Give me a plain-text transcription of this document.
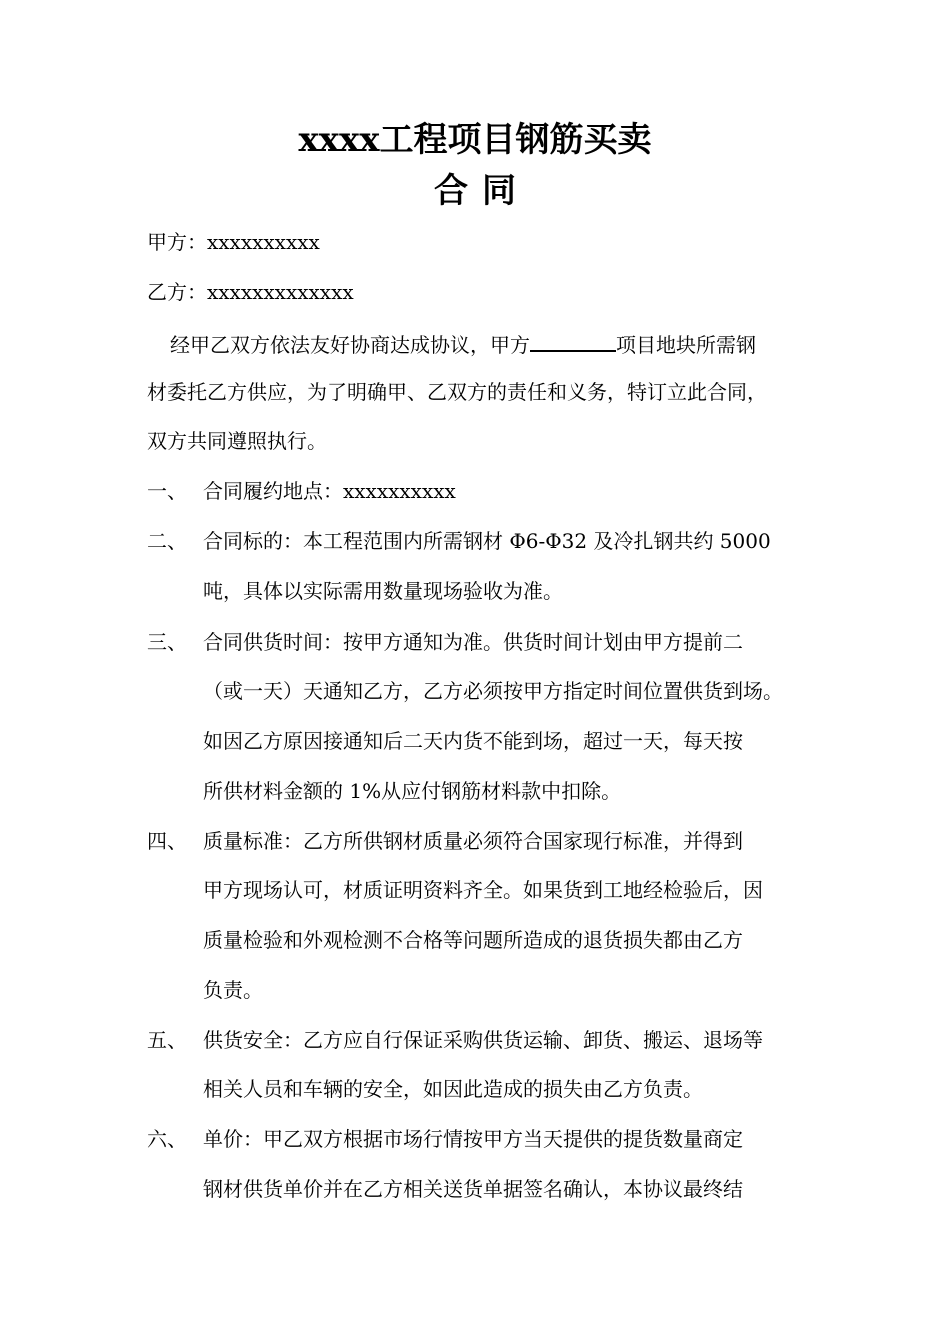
xxxx工程项目钢筋买卖
合同
甲方：xxxxxxxxxx
乙方：xxxxxxxxxxxxx
经甲乙双方依法友好协商达成协议，甲方	项目地块所需钢
材委托乙方供应，为了明确甲、乙双方的责任和义务，特订立此合同，
双方共同遵照执行。
一、 合同履约地点：xxxxxxxxxx
二、 合同标的：本工程范围内所需钢材 Φ6-Φ32 及冷扎钢共约 5000
吨，具体以实际需用数量现场验收为准。
三、 合同供货时间：按甲方通知为准。供货时间计划由甲方提前二
（或一天）天通知乙方，乙方必须按甲方指定时间位置供货到场。
如因乙方原因接通知后二天内货不能到场，超过一天，每天按
所供材料金额的 1%从应付钢筋材料款中扣除。
四、 质量标准：乙方所供钢材质量必须符合国家现行标准，并得到
甲方现场认可，材质证明资料齐全。如果货到工地经检验后，因
质量检验和外观检测不合格等问题所造成的退货损失都由乙方
负责。
五、 供货安全：乙方应自行保证采购供货运输、卸货、搬运、退场等
相关人员和车辆的安全，如因此造成的损失由乙方负责。
六、 单价：甲乙双方根据市场行情按甲方当天提供的提货数量商定
钢材供货单价并在乙方相关送货单据签名确认，本协议最终结
